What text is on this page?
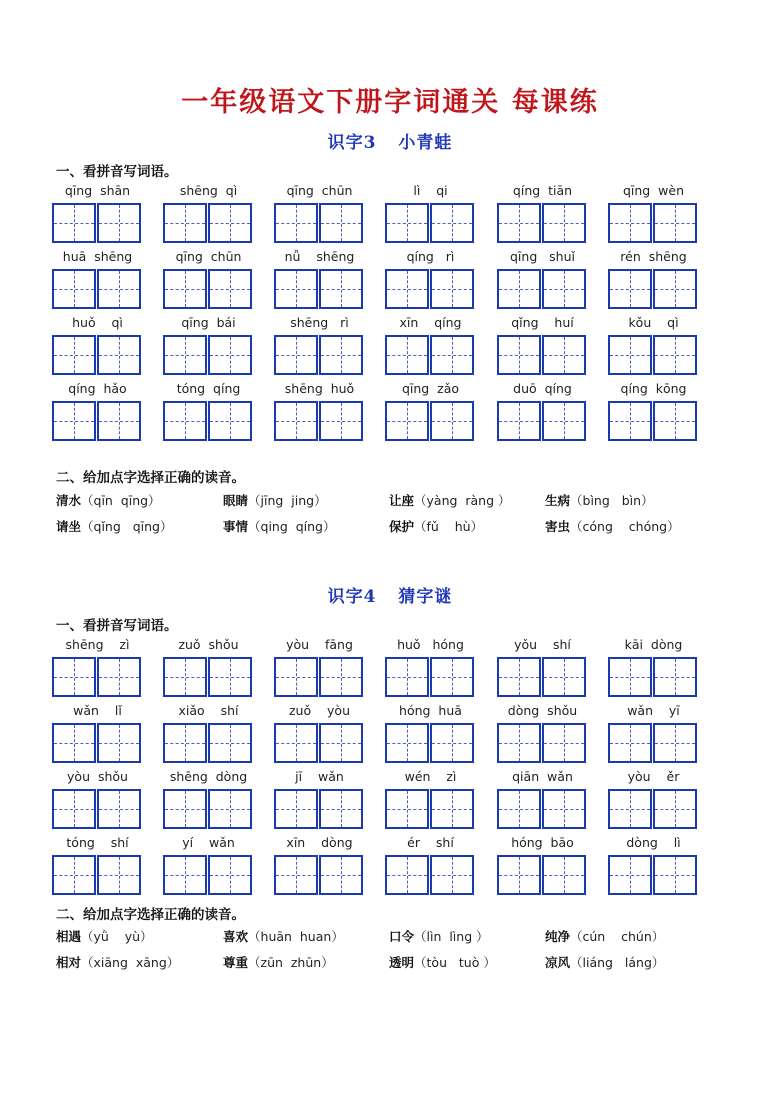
一年级语文下册字词通关 每课练
识字3 小青蛙
一、看拼音写词语。
qīng  shān	shēng  qì	qīng  chūn	lì    qi	qíng  tiān	qīng  wèn
huā  shēng	qīng  chūn	nǚ    shēng	qíng   rì	qīng   shuǐ	rén  shēng
huǒ    qì	qīng  bái	shēng   rì	xīn    qíng	qǐng    huí	kǒu    qì
qíng  hǎo	tóng  qíng	shēng  huǒ	qīng  zǎo	duō  qíng	qíng  kōng
二、给加点字选择正确的读音。
清水（qīn  qīng）	眼睛（jīng  jing）	让座（yàng  ràng ）	生病（bìng   bìn）
请坐（qǐng   qīng）	事情（qing  qíng）	保护（fǔ    hù）	害虫（cóng    chóng）
识字4 猜字谜
一、看拼音写词语。
shēng    zì	zuǒ  shǒu	yòu    fāng	huǒ   hóng	yǒu    shí	kāi  dòng
wǎn    lǐ	xiǎo    shí	zuǒ    yòu	hóng  huā	dòng  shǒu	wǎn    yī
yòu  shǒu	shēng  dòng	jī    wǎn	wén    zì	qiān  wǎn	yòu    ěr
tóng    shí	yí    wǎn	xīn    dòng	ér    shí	hóng  bāo	dòng    lì
二、给加点字选择正确的读音。
相遇（yǜ    yù）	喜欢（huān  huan）	口令（lìn  lìng ）	纯净（cún    chún）
相对（xiāng  xāng）	尊重（zūn  zhūn）	透明（tòu   tuò ）	凉风（liáng   láng）
